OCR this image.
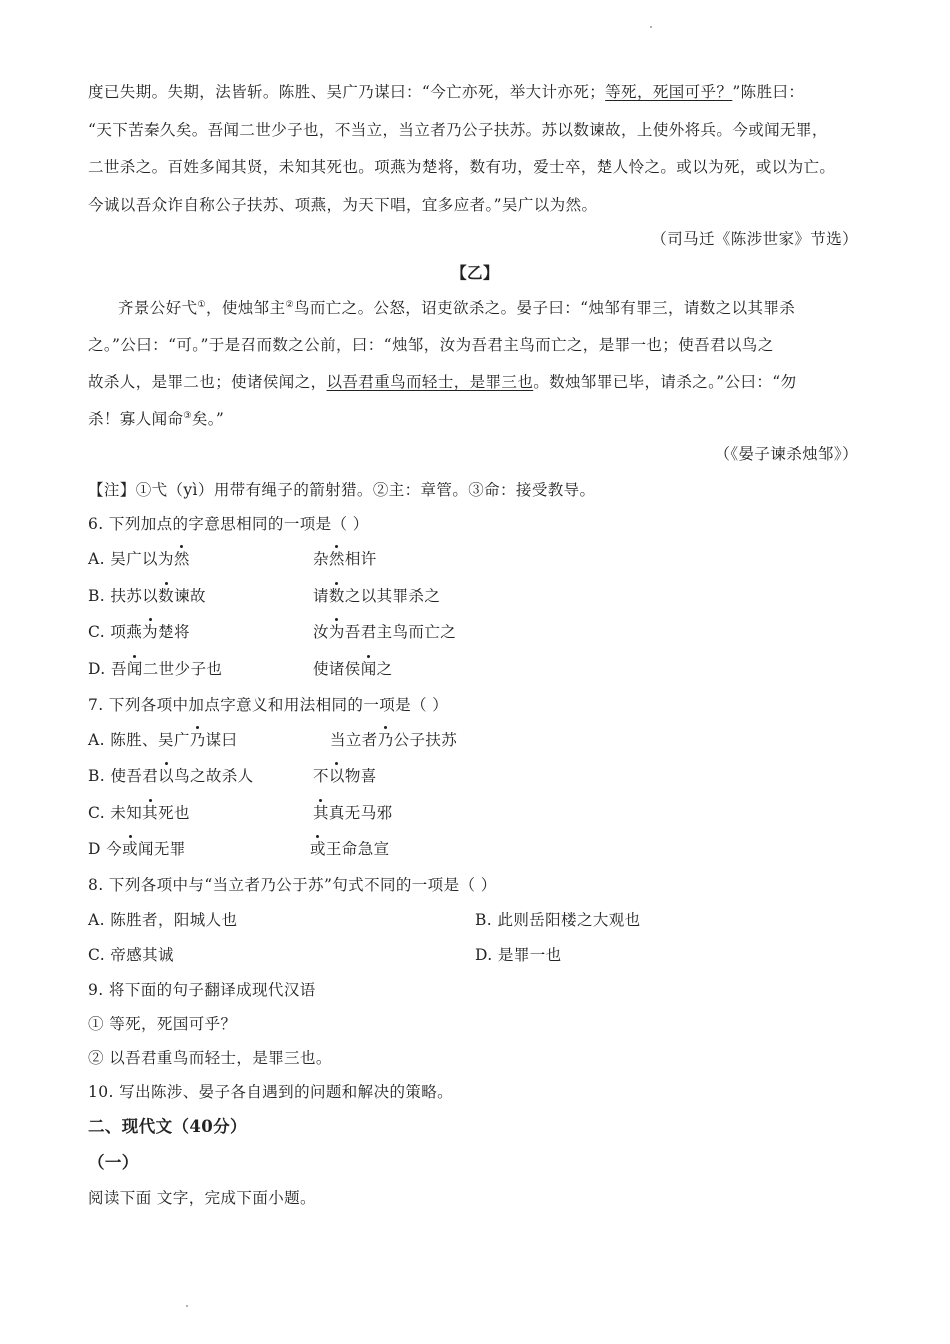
度已失期。失期，法皆斩。陈胜、吴广乃谋曰：“今亡亦死，举大计亦死；等死，死国可乎？”陈胜曰：
“天下苦秦久矣。吾闻二世少子也，不当立，当立者乃公子扶苏。苏以数谏故，上使外将兵。今或闻无罪，
二世杀之。百姓多闻其贤，未知其死也。项燕为楚将，数有功，爱士卒，楚人怜之。或以为死，或以为亡。
今诚以吾众诈自称公子扶苏、项燕，为天下唱，宜多应者。”吴广以为然。
（司马迁《陈涉世家》节选）
【乙】
齐景公好弋①，使烛邹主②鸟而亡之。公怒，诏吏欲杀之。晏子曰：“烛邹有罪三，请数之以其罪杀
之。”公曰：“可。”于是召而数之公前，曰：“烛邹，汝为吾君主鸟而亡之，是罪一也；使吾君以鸟之
故杀人，是罪二也；使诸侯闻之，以吾君重鸟而轻士，是罪三也。数烛邹罪已毕，请杀之。”公曰：“勿
杀！寡人闻命③矣。”
（《晏子谏杀烛邹》）
【注】①弋（yì）用带有绳子的箭射猎。②主：章管。③命：接受教导。
6. 下列加点的字意思相同的一项是（ ）
A. 吴广以为然	杂然相许
B. 扶苏以数谏故	请数之以其罪杀之
C. 项燕为楚将	汝为吾君主鸟而亡之
D. 吾闻二世少子也	使诸侯闻之
7. 下列各项中加点字意义和用法相同的一项是（ ）
A. 陈胜、吴广乃谋曰	当立者乃公子扶苏
B. 使吾君以鸟之故杀人	不以物喜
C. 未知其死也	其真无马邪
D 今或闻无罪	或王命急宣
8. 下列各项中与“当立者乃公于苏”句式不同的一项是（ ）
A. 陈胜者，阳城人也	B. 此则岳阳楼之大观也
C. 帝感其诚	D. 是罪一也
9. 将下面的句子翻译成现代汉语
① 等死，死国可乎？
② 以吾君重鸟而轻士，是罪三也。
10. 写出陈涉、晏子各自遇到的问题和解决的策略。
二、现代文（40分）
（一）
阅读下面 文字，完成下面小题。
